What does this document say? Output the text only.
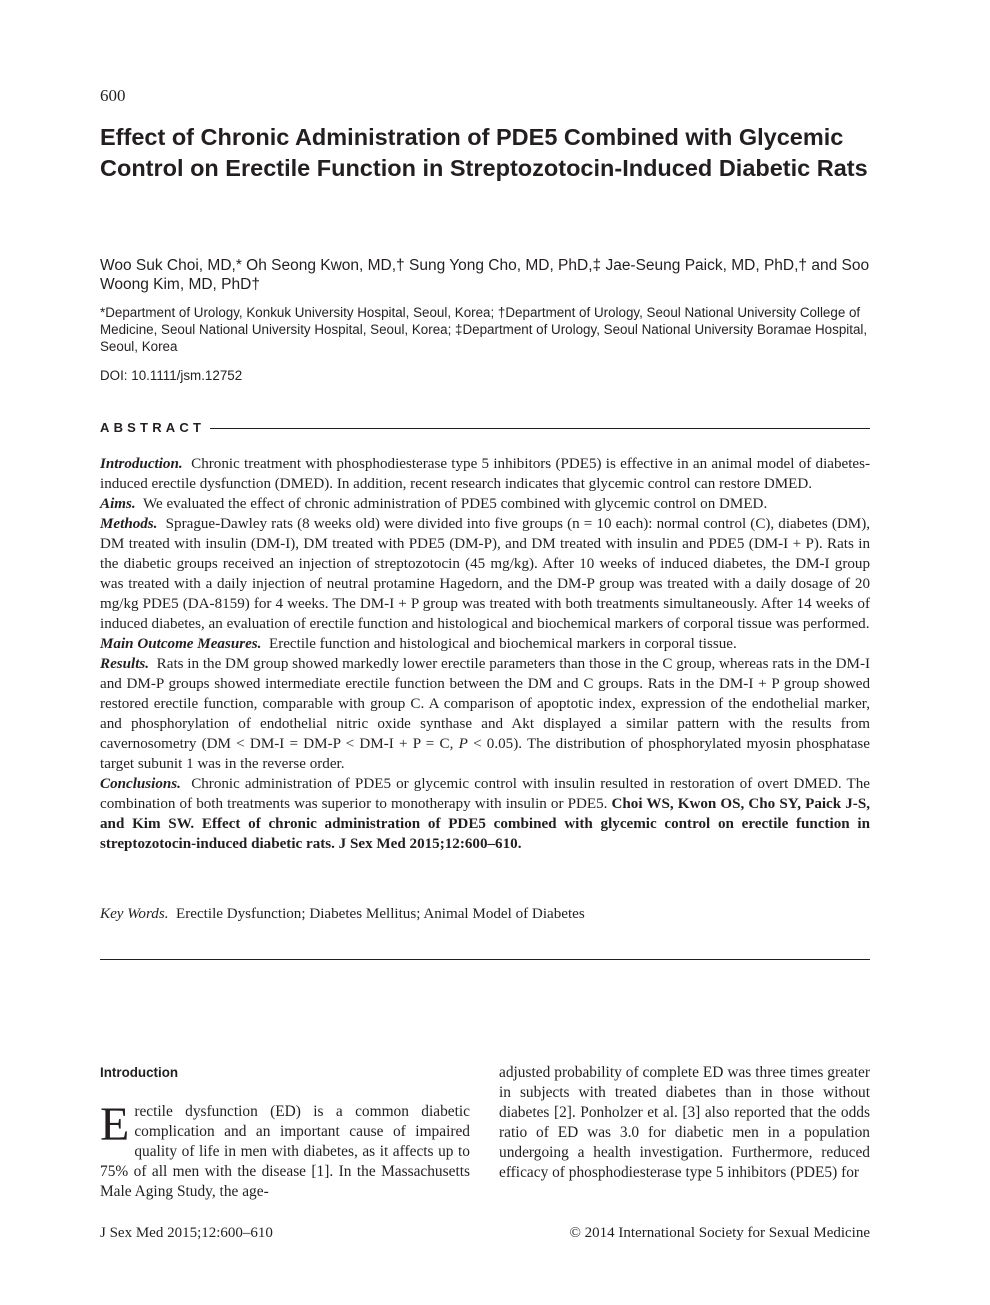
600
Effect of Chronic Administration of PDE5 Combined with Glycemic Control on Erectile Function in Streptozotocin-Induced Diabetic Rats
Woo Suk Choi, MD,* Oh Seong Kwon, MD,† Sung Yong Cho, MD, PhD,‡ Jae-Seung Paick, MD, PhD,† and Soo Woong Kim, MD, PhD†
*Department of Urology, Konkuk University Hospital, Seoul, Korea; †Department of Urology, Seoul National University College of Medicine, Seoul National University Hospital, Seoul, Korea; ‡Department of Urology, Seoul National University Boramae Hospital, Seoul, Korea
DOI: 10.1111/jsm.12752
ABSTRACT

Introduction. Chronic treatment with phosphodiesterase type 5 inhibitors (PDE5) is effective in an animal model of diabetes-induced erectile dysfunction (DMED). In addition, recent research indicates that glycemic control can restore DMED.

Aims. We evaluated the effect of chronic administration of PDE5 combined with glycemic control on DMED.

Methods. Sprague-Dawley rats (8 weeks old) were divided into five groups (n = 10 each): normal control (C), diabetes (DM), DM treated with insulin (DM-I), DM treated with PDE5 (DM-P), and DM treated with insulin and PDE5 (DM-I + P). Rats in the diabetic groups received an injection of streptozotocin (45 mg/kg). After 10 weeks of induced diabetes, the DM-I group was treated with a daily injection of neutral protamine Hagedorn, and the DM-P group was treated with a daily dosage of 20 mg/kg PDE5 (DA-8159) for 4 weeks. The DM-I + P group was treated with both treatments simultaneously. After 14 weeks of induced diabetes, an evaluation of erectile function and histological and biochemical markers of corporal tissue was performed.

Main Outcome Measures. Erectile function and histological and biochemical markers in corporal tissue.

Results. Rats in the DM group showed markedly lower erectile parameters than those in the C group, whereas rats in the DM-I and DM-P groups showed intermediate erectile function between the DM and C groups. Rats in the DM-I + P group showed restored erectile function, comparable with group C. A comparison of apoptotic index, expression of the endothelial marker, and phosphorylation of endothelial nitric oxide synthase and Akt displayed a similar pattern with the results from cavernosometry (DM < DM-I = DM-P < DM-I + P = C, P < 0.05). The distribution of phosphorylated myosin phosphatase target subunit 1 was in the reverse order.

Conclusions. Chronic administration of PDE5 or glycemic control with insulin resulted in restoration of overt DMED. The combination of both treatments was superior to monotherapy with insulin or PDE5. Choi WS, Kwon OS, Cho SY, Paick J-S, and Kim SW. Effect of chronic administration of PDE5 combined with glycemic control on erectile function in streptozotocin-induced diabetic rats. J Sex Med 2015;12:600–610.

Key Words. Erectile Dysfunction; Diabetes Mellitus; Animal Model of Diabetes
Introduction
E rectile dysfunction (ED) is a common diabetic complication and an important cause of impaired quality of life in men with diabetes, as it affects up to 75% of all men with the disease [1]. In the Massachusetts Male Aging Study, the age-
adjusted probability of complete ED was three times greater in subjects with treated diabetes than in those without diabetes [2]. Ponholzer et al. [3] also reported that the odds ratio of ED was 3.0 for diabetic men in a population undergoing a health investigation. Furthermore, reduced efficacy of phosphodiesterase type 5 inhibitors (PDE5) for
J Sex Med 2015;12:600–610	© 2014 International Society for Sexual Medicine
